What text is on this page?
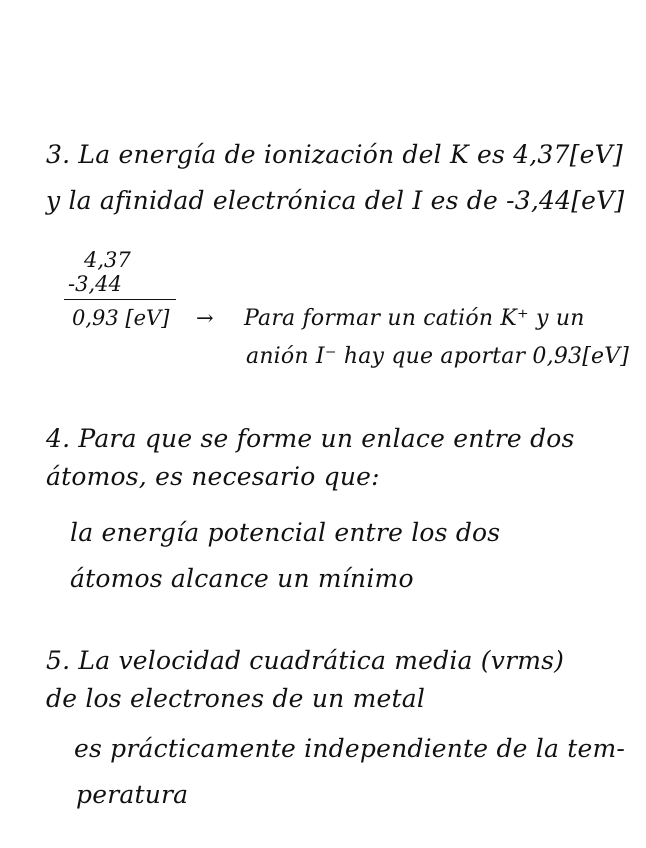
3. La energía de ionización del K es 4,37[eV]
y la afinidad electrónica del I es de -3,44[eV]
4,37
-3,44
0,93 [eV] → Para formar un catión K⁺ y un
anión I⁻ hay que aportar 0,93[eV]
4. Para que se forme un enlace entre dos
átomos, es necesario que:
la energía potencial entre los dos
átomos alcance un mínimo
5. La velocidad cuadrática media (vrms)
de los electrones de un metal
es prácticamente independiente de la tem-
peratura
